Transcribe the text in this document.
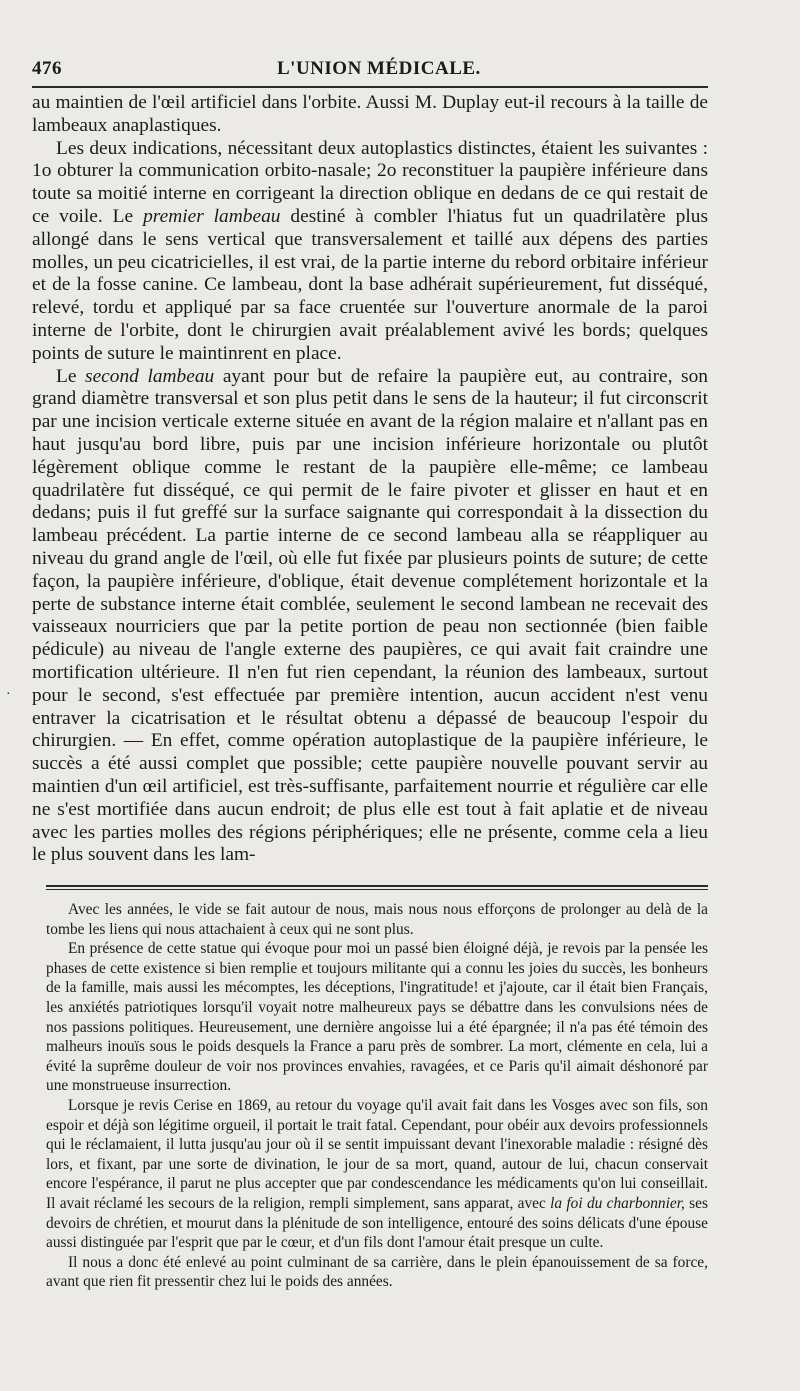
476	L'UNION MÉDICALE.

au maintien de l'œil artificiel dans l'orbite. Aussi M. Duplay eut-il recours à la taille de lambeaux anaplastiques.

Les deux indications, nécessitant deux autoplastics distinctes, étaient les suivantes : 1o obturer la communication orbito-nasale; 2o reconstituer la paupière inférieure dans toute sa moitié interne en corrigeant la direction oblique en dedans de ce qui restait de ce voile. Le premier lambeau destiné à combler l'hiatus fut un quadrilatère plus allongé dans le sens vertical que transversalement et taillé aux dépens des parties molles, un peu cicatricielles, il est vrai, de la partie interne du rebord orbitaire inférieur et de la fosse canine. Ce lambeau, dont la base adhérait supérieurement, fut disséqué, relevé, tordu et appliqué par sa face cruentée sur l'ouverture anormale de la paroi interne de l'orbite, dont le chirurgien avait préalablement avivé les bords; quelques points de suture le maintinrent en place.

Le second lambeau ayant pour but de refaire la paupière eut, au contraire, son grand diamètre transversal et son plus petit dans le sens de la hauteur; il fut circonscrit par une incision verticale externe située en avant de la région malaire et n'allant pas en haut jusqu'au bord libre, puis par une incision inférieure horizontale ou plutôt légèrement oblique comme le restant de la paupière elle-même; ce lambeau quadrilatère fut disséqué, ce qui permit de le faire pivoter et glisser en haut et en dedans; puis il fut greffé sur la surface saignante qui correspondait à la dissection du lambeau précédent. La partie interne de ce second lambeau alla se réappliquer au niveau du grand angle de l'œil, où elle fut fixée par plusieurs points de suture; de cette façon, la paupière inférieure, d'oblique, était devenue complétement horizontale et la perte de substance interne était comblée, seulement le second lambean ne recevait des vaisseaux nourriciers que par la petite portion de peau non sectionnée (bien faible pédicule) au niveau de l'angle externe des paupières, ce qui avait fait craindre une mortification ultérieure. Il n'en fut rien cependant, la réunion des lambeaux, surtout pour le second, s'est effectuée par première intention, aucun accident n'est venu entraver la cicatrisation et le résultat obtenu a dépassé de beaucoup l'espoir du chirurgien. — En effet, comme opération autoplastique de la paupière inférieure, le succès a été aussi complet que possible; cette paupière nouvelle pouvant servir au maintien d'un œil artificiel, est très-suffisante, parfaitement nourrie et régulière car elle ne s'est mortifiée dans aucun endroit; de plus elle est tout à fait aplatie et de niveau avec les parties molles des régions périphériques; elle ne présente, comme cela a lieu le plus souvent dans les lam-

Avec les années, le vide se fait autour de nous, mais nous nous efforçons de prolonger au delà de la tombe les liens qui nous attachaient à ceux qui ne sont plus.

En présence de cette statue qui évoque pour moi un passé bien éloigné déjà, je revois par la pensée les phases de cette existence si bien remplie et toujours militante qui a connu les joies du succès, les bonheurs de la famille, mais aussi les mécomptes, les déceptions, l'ingratitude! et j'ajoute, car il était bien Français, les anxiétés patriotiques lorsqu'il voyait notre malheureux pays se débattre dans les convulsions nées de nos passions politiques. Heureusement, une dernière angoisse lui a été épargnée; il n'a pas été témoin des malheurs inouïs sous le poids desquels la France a paru près de sombrer. La mort, clémente en cela, lui a évité la suprême douleur de voir nos provinces envahies, ravagées, et ce Paris qu'il aimait déshonoré par une monstrueuse insurrection.

Lorsque je revis Cerise en 1869, au retour du voyage qu'il avait fait dans les Vosges avec son fils, son espoir et déjà son légitime orgueil, il portait le trait fatal. Cependant, pour obéir aux devoirs professionnels qui le réclamaient, il lutta jusqu'au jour où il se sentit impuissant devant l'inexorable maladie : résigné dès lors, et fixant, par une sorte de divination, le jour de sa mort, quand, autour de lui, chacun conservait encore l'espérance, il parut ne plus accepter que par condescendance les médicaments qu'on lui conseillait. Il avait réclamé les secours de la religion, rempli simplement, sans apparat, avec la foi du charbonnier, ses devoirs de chrétien, et mourut dans la plénitude de son intelligence, entouré des soins délicats d'une épouse aussi distinguée par l'esprit que par le cœur, et d'un fils dont l'amour était presque un culte.

Il nous a donc été enlevé au point culminant de sa carrière, dans le plein épanouissement de sa force, avant que rien fit pressentir chez lui le poids des années.

·
